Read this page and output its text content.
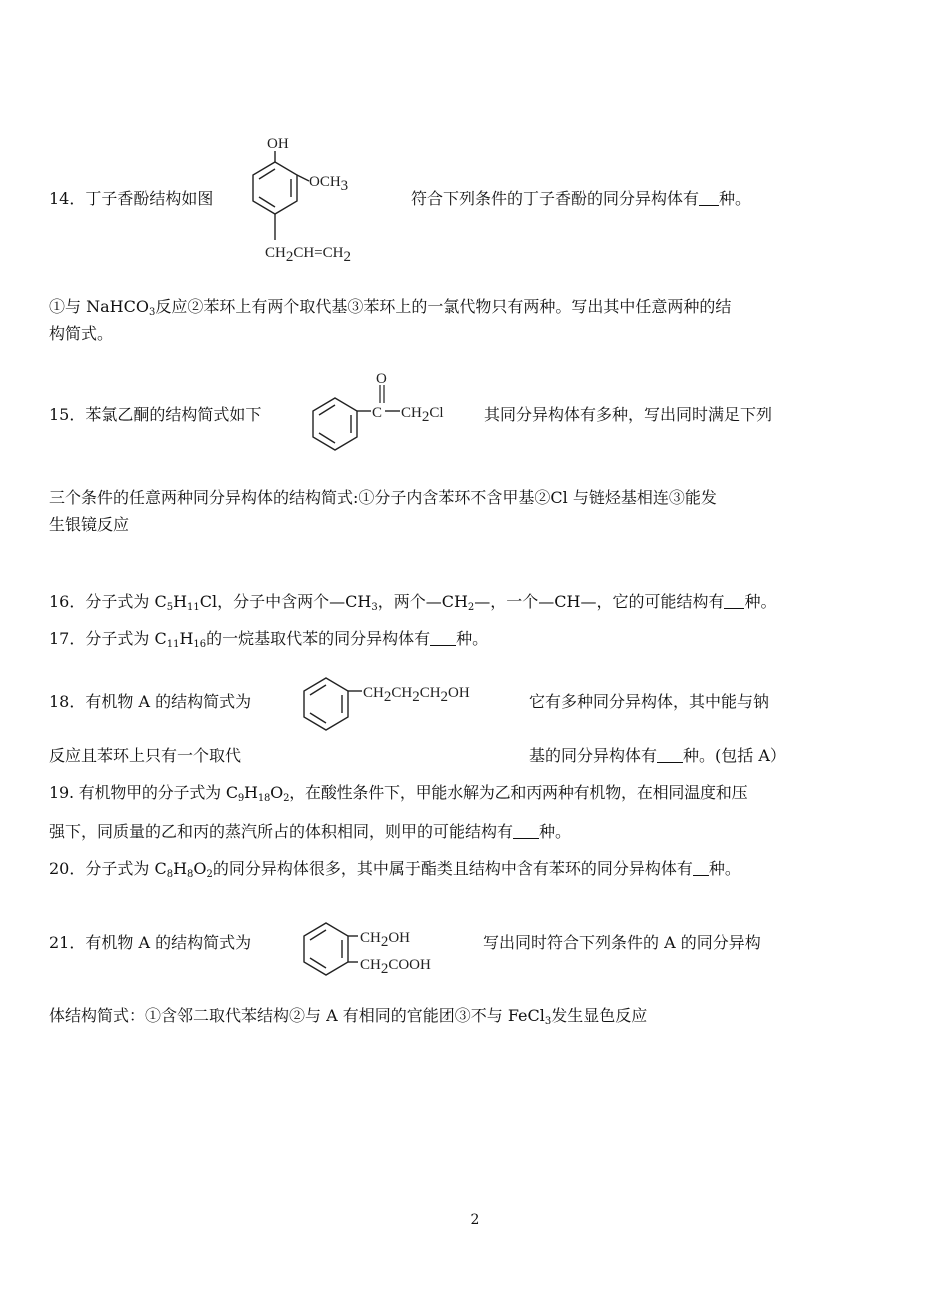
14．丁子香酚结构如图
OH
OCH3
CH2CH=CH2
符合下列条件的丁子香酚的同分异构体有 种。
①与 NaHCO$_3$反应②苯环上有两个取代基③苯环上的一氯代物只有两种。写出其中任意两种的结
构简式。
15．苯氯乙酮的结构简式如下	C
O
CH2Cl	其同分异构体有多种，写出同时满足下列
三个条件的任意两种同分异构体的结构简式:①分子内含苯环不含甲基②Cl 与链烃基相连③能发
生银镜反应
16．分子式为 $C_5H_{11}Cl$，分子中含两个$—CH_3$，两个$—CH_2—$，一个—CH—，它的可能结构有 种。
17．分子式为 $C_{11}H_{16}$的一烷基取代苯的同分异构体有 种。
18．有机物 A 的结构简式为	CH2CH2CH2OH	它有多种同分异构体，其中能与钠
反应且苯环上只有一个取代	基的同分异构体有 种。(包括 A）
19. 有机物甲的分子式为 $C_9H_{18}O_2$，在酸性条件下，甲能水解为乙和丙两种有机物，在相同温度和压
强下，同质量的乙和丙的蒸汽所占的体积相同，则甲的可能结构有 种。
20．分子式为 $C_8H_8O_2$的同分异构体很多，其中属于酯类且结构中含有苯环的同分异构体有 种。
21．有机物 A 的结构简式为	CH2OH
CH2COOH
写出同时符合下列条件的 A 的同分异构
体结构简式：①含邻二取代苯结构②与 A 有相同的官能团③不与 FeCl$_3$发生显色反应
2
